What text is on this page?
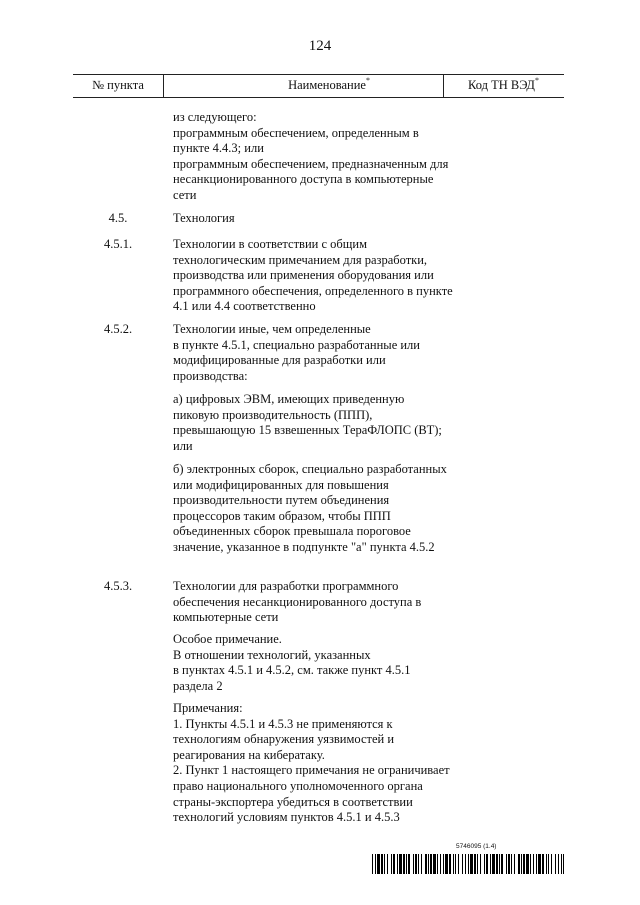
124
№ пункта	Наименование*	Код ТН ВЭД*
из следующего:
программным обеспечением, определенным в пункте 4.4.3; или
программным обеспечением, предназначенным для несанкционированного доступа в компьютерные сети
4.5.	Технология
4.5.1.	Технологии в соответствии с общим технологическим примечанием для разработки, производства или применения оборудования или программного обеспечения, определенного в пункте 4.1 или 4.4 соответственно
4.5.2.	Технологии иные, чем определенные
в пункте 4.5.1, специально разработанные или модифицированные для разработки или производства:
а) цифровых ЭВМ, имеющих приведенную пиковую производительность (ППП), превышающую 15 взвешенных ТераФЛОПС (ВТ); или
б) электронных сборок, специально разработанных или модифицированных для повышения производительности путем объединения процессоров таким образом, чтобы ППП объединенных сборок превышала пороговое значение, указанное в подпункте "а" пункта 4.5.2
4.5.3.	Технологии для разработки программного обеспечения несанкционированного доступа в компьютерные сети
Особое примечание.
В отношении технологий, указанных
в пунктах 4.5.1 и 4.5.2, см. также пункт 4.5.1 раздела 2
Примечания:
1. Пункты 4.5.1 и 4.5.3 не применяются к технологиям обнаружения уязвимостей и реагирования на кибератаку.
2. Пункт 1 настоящего примечания не ограничивает право национального уполномоченного органа страны-экспортера убедиться в соответствии технологий условиям пунктов 4.5.1 и 4.5.3
5746095 (1.4)
